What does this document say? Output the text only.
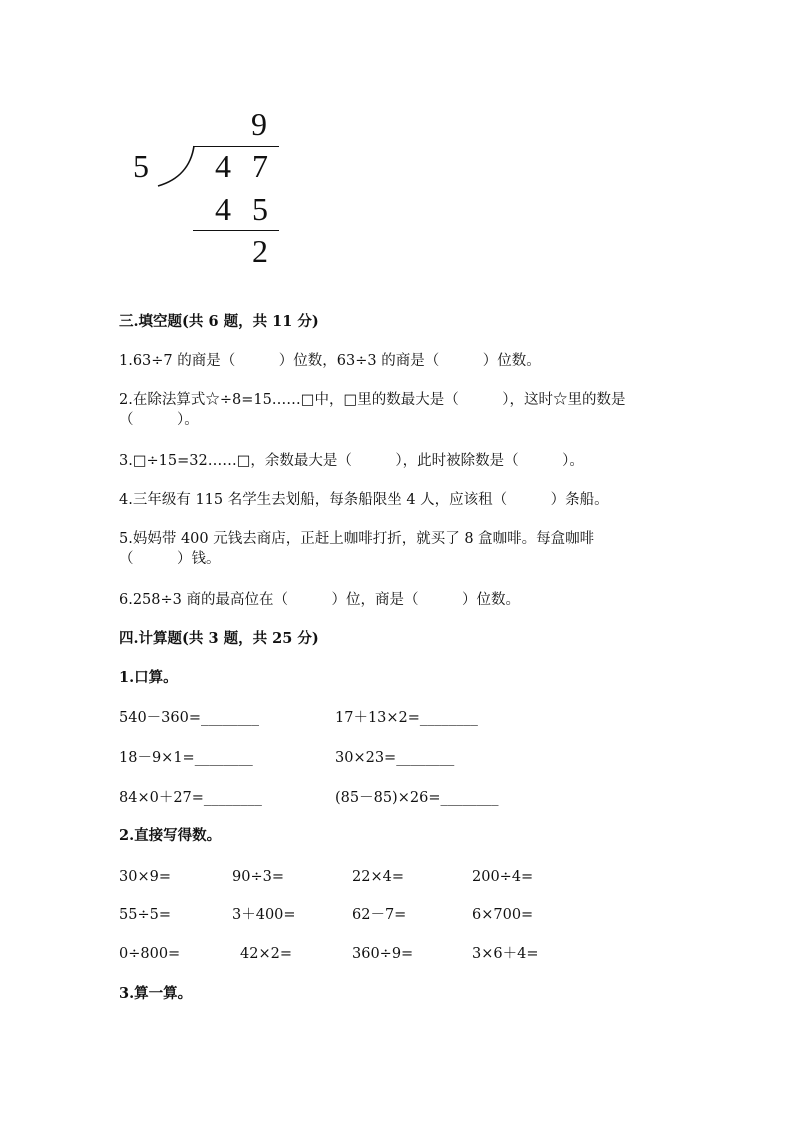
9
5 4 7
4 5
2
三.填空题(共 6 题，共 11 分)
1.63÷7 的商是（　　　）位数，63÷3 的商是（　　　）位数。
2.在除法算式☆÷8=15……□中，□里的数最大是（　　　），这时☆里的数是
（　　　）。
3.□÷15=32……□，余数最大是（　　　），此时被除数是（　　　）。
4.三年级有 115 名学生去划船，每条船限坐 4 人，应该租（　　　）条船。
5.妈妈带 400 元钱去商店，正赶上咖啡打折，就买了 8 盒咖啡。每盒咖啡
（　　　）钱。
6.258÷3 商的最高位在（　　　）位，商是（　　　）位数。
四.计算题(共 3 题，共 25 分)
1.口算。
540－360=________	17＋13×2=________
18－9×1=________	30×23=________
84×0＋27=________	(85－85)×26=________
2.直接写得数。
30×9=	90÷3=	22×4=	200÷4=
55÷5=	3＋400=	62－7=	6×700=
0÷800=	42×2=	360÷9=	3×6＋4=
3.算一算。
